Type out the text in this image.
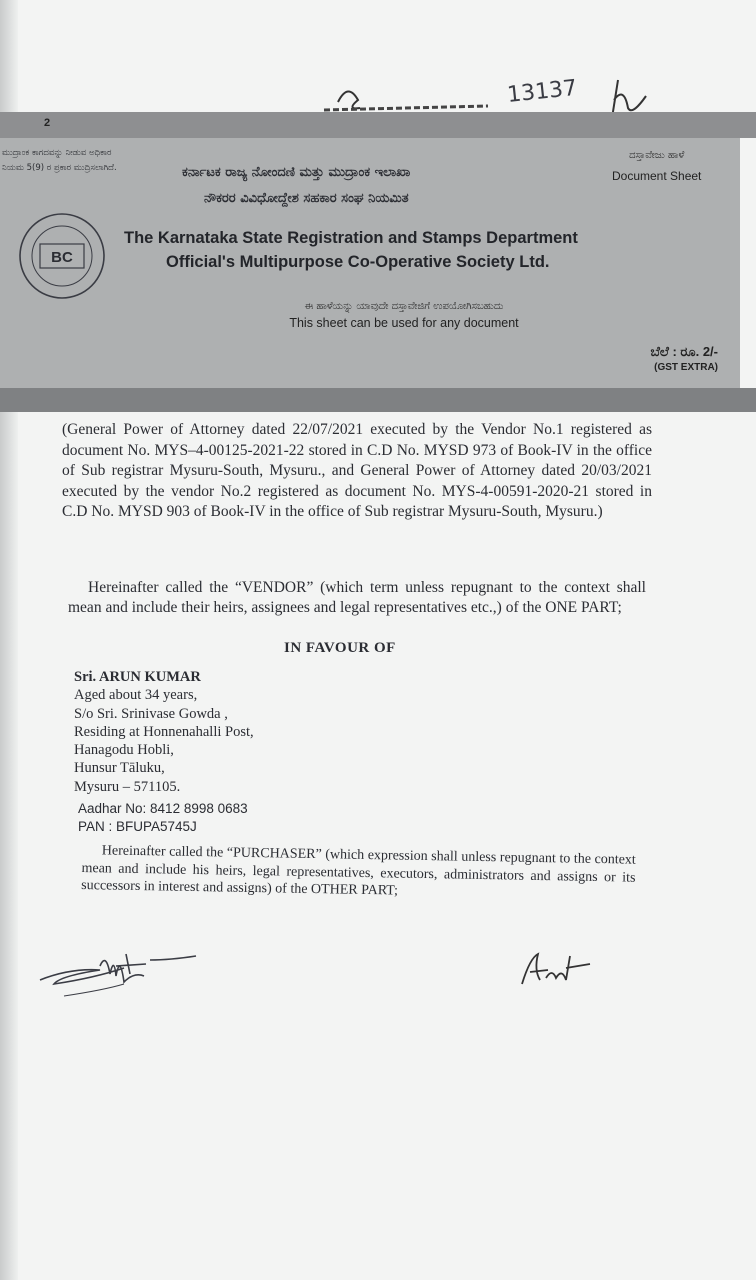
13137
2
ಮುದ್ರಾಂಕ ಕಾಗದವನ್ನು ನೀಡುವ ಅಧಿಕಾರ
ನಿಯಮ 5(9) ರ ಪ್ರಕಾರ ಮುದ್ರಿಸಲಾಗಿದೆ.	ಕರ್ನಾಟಕ ರಾಜ್ಯ ನೋಂದಣಿ ಮತ್ತು ಮುದ್ರಾಂಕ ಇಲಾಖಾ
ನೌಕರರ ವಿವಿಧೋದ್ದೇಶ ಸಹಕಾರ ಸಂಘ ನಿಯಮಿತ
ದಸ್ತಾವೇಜು ಹಾಳೆ
Document Sheet
BC
The Karnataka State Registration and Stamps Department
Official's Multipurpose Co-Operative Society Ltd.
ಈ ಹಾಳೆಯನ್ನು ಯಾವುದೇ ದಸ್ತಾವೇಜಿಗೆ ಉಪಯೋಗಿಸಬಹುದು
This sheet can be used for any document
ಬೆಲೆ : ರೂ. 2/-
(GST EXTRA)

(General Power of Attorney dated 22/07/2021 executed by the Vendor No.1 registered as document No. MYS–4-00125-2021-22 stored in C.D No. MYSD 973 of Book-IV in the office of Sub registrar Mysuru-South, Mysuru., and General Power of Attorney dated 20/03/2021 executed by the vendor No.2 registered as document No. MYS-4-00591-2020-21 stored in C.D No. MYSD 903 of Book-IV in the office of Sub registrar Mysuru-South, Mysuru.)

Hereinafter called the “VENDOR” (which term unless repugnant to the context shall mean and include their heirs, assignees and legal representatives etc.,) of the ONE PART;
IN FAVOUR OF
Sri. ARUN KUMAR
Aged about 34 years,
S/o Sri. Srinivase Gowda ,
Residing at Honnenahalli Post,
Hanagodu Hobli,
Hunsur Tāluku,
Mysuru – 571105.
Aadhar No: 8412 8998 0683
PAN : BFUPA5745J
Hereinafter called the “PURCHASER” (which expression shall unless repugnant to the context mean and include his heirs, legal representatives, executors, administrators and assigns or its successors in interest and assigns) of the OTHER PART;
